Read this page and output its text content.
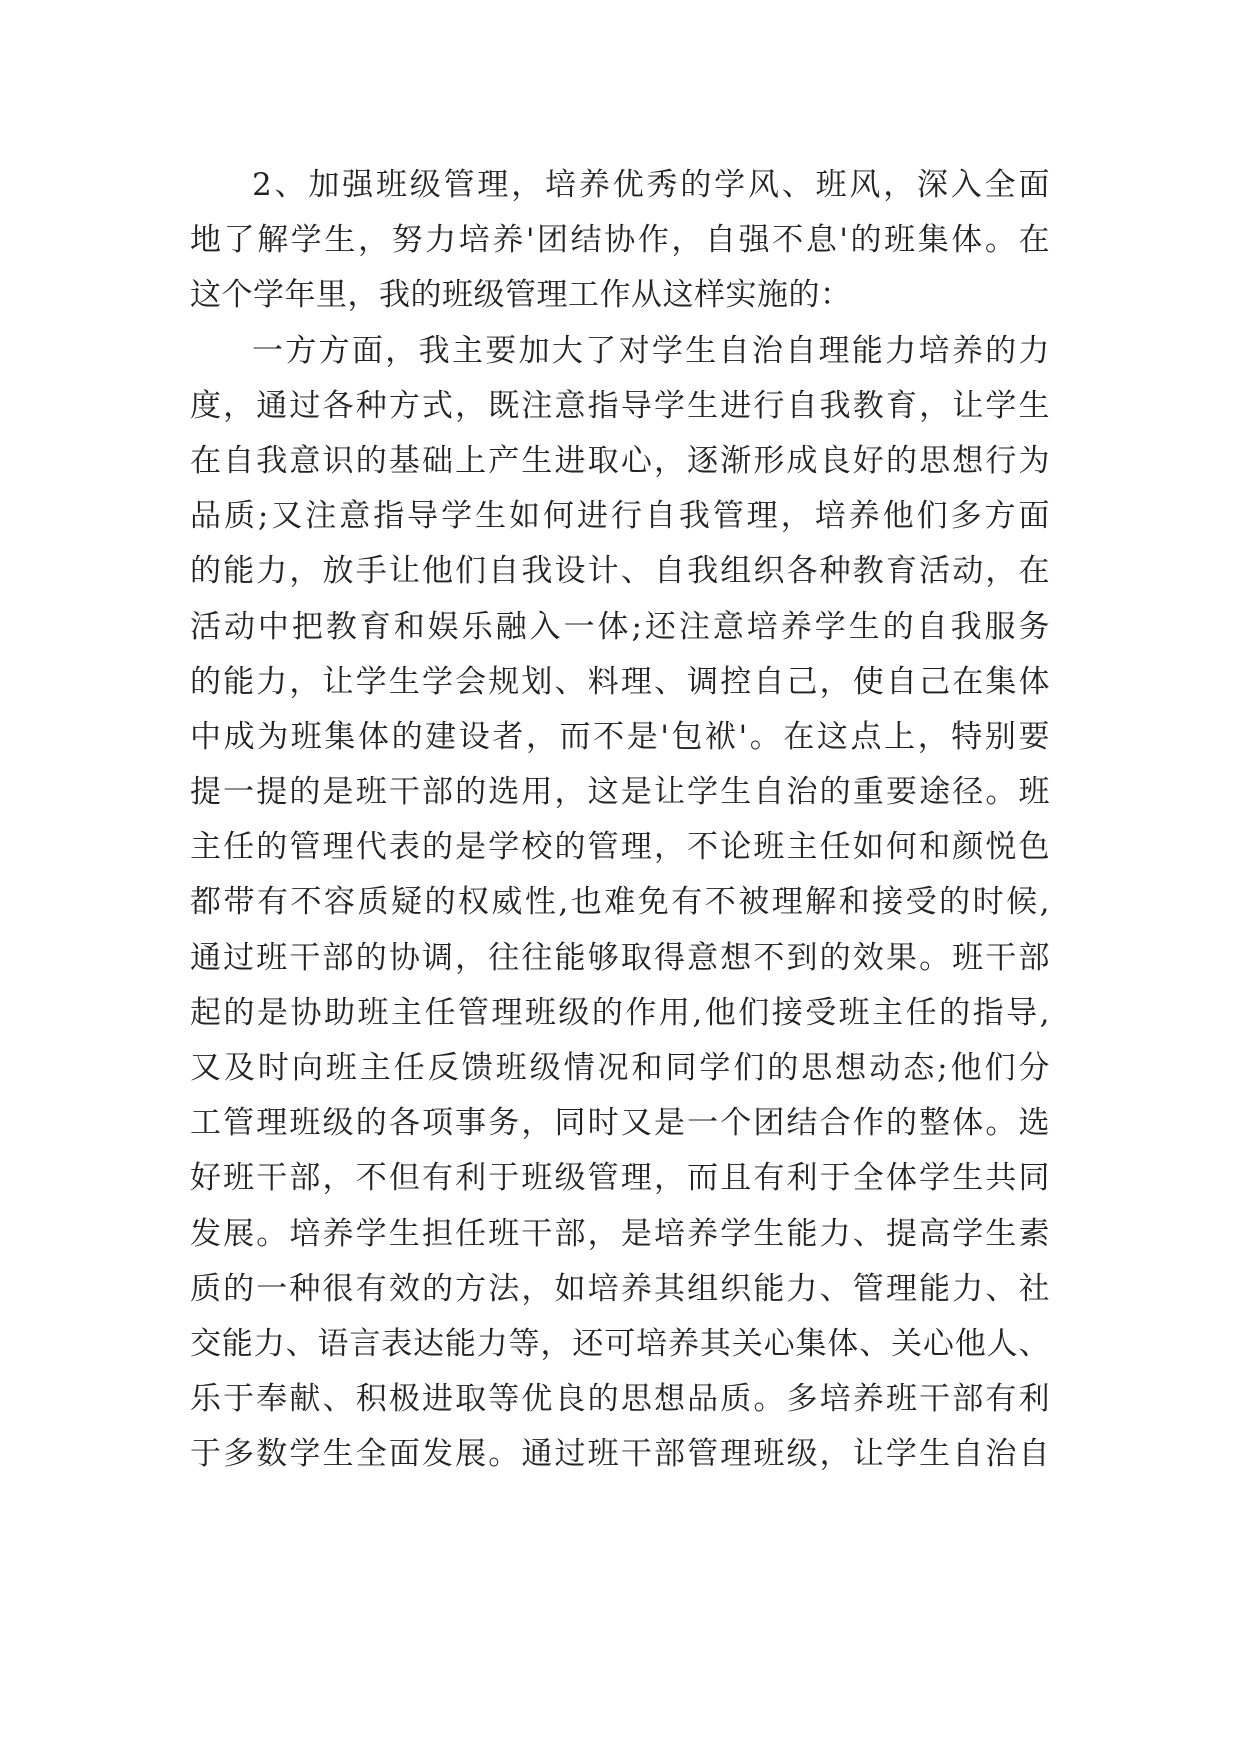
2、加强班级管理，培养优秀的学风、班风，深入全面
地了解学生，努力培养'团结协作，自强不息'的班集体。在
这个学年里，我的班级管理工作从这样实施的：
一方方面，我主要加大了对学生自治自理能力培养的力
度，通过各种方式，既注意指导学生进行自我教育，让学生
在自我意识的基础上产生进取心，逐渐形成良好的思想行为
品质;又注意指导学生如何进行自我管理，培养他们多方面
的能力，放手让他们自我设计、自我组织各种教育活动，在
活动中把教育和娱乐融入一体;还注意培养学生的自我服务
的能力，让学生学会规划、料理、调控自己，使自己在集体
中成为班集体的建设者，而不是'包袱'。在这点上，特别要
提一提的是班干部的选用，这是让学生自治的重要途径。班
主任的管理代表的是学校的管理，不论班主任如何和颜悦色
都带有不容质疑的权威性,也难免有不被理解和接受的时候,
通过班干部的协调，往往能够取得意想不到的效果。班干部
起的是协助班主任管理班级的作用,他们接受班主任的指导,
又及时向班主任反馈班级情况和同学们的思想动态;他们分
工管理班级的各项事务，同时又是一个团结合作的整体。选
好班干部，不但有利于班级管理，而且有利于全体学生共同
发展。培养学生担任班干部，是培养学生能力、提高学生素
质的一种很有效的方法，如培养其组织能力、管理能力、社
交能力、语言表达能力等，还可培养其关心集体、关心他人、
乐于奉献、积极进取等优良的思想品质。多培养班干部有利
于多数学生全面发展。通过班干部管理班级，让学生自治自
